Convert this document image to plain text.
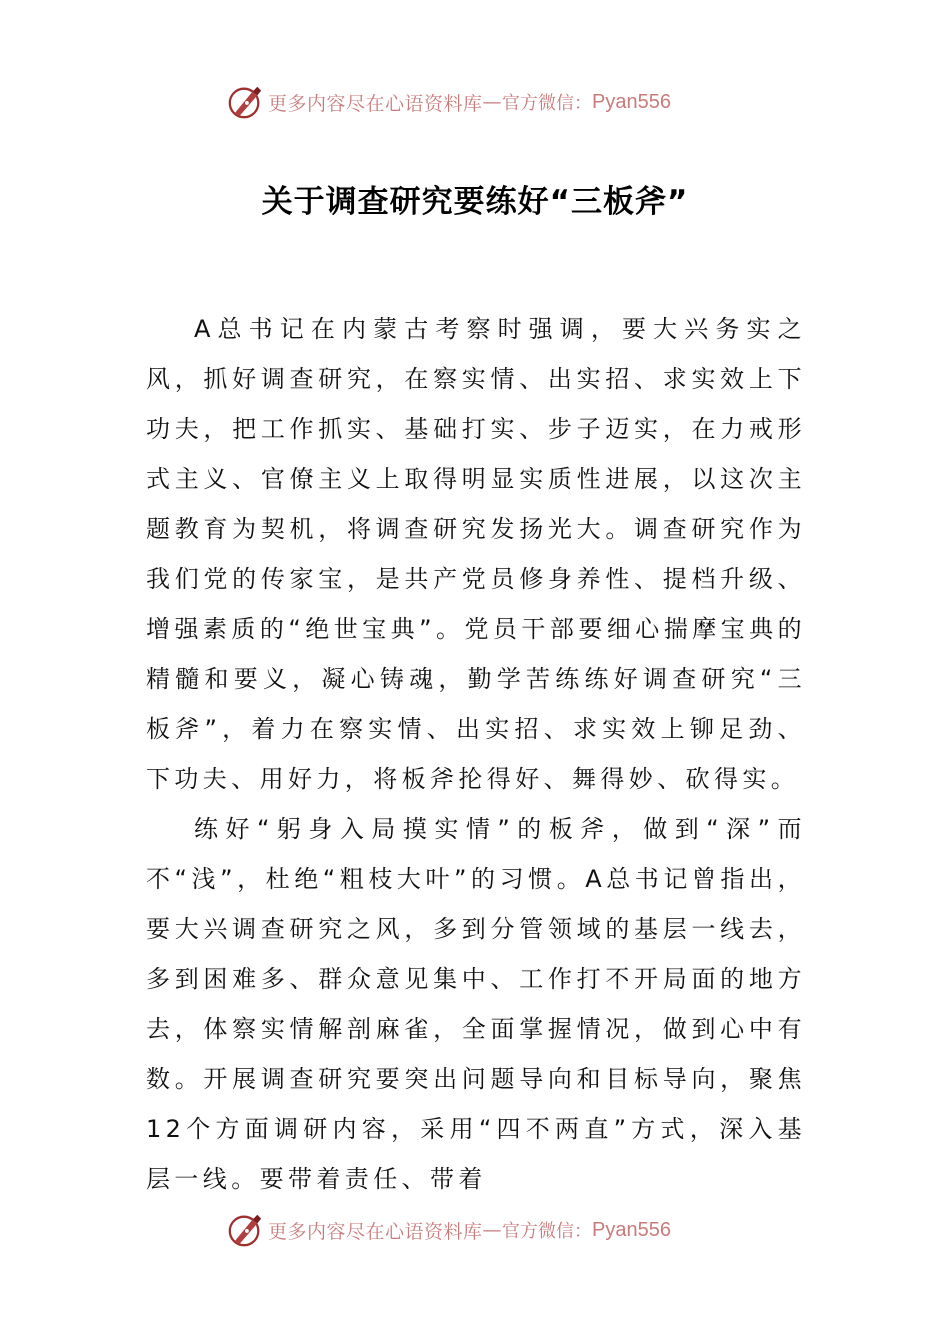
更多内容尽在心语资料库 — 官方微信： Pyan556
关于调查研究要练好“三板斧”

A总书记在内蒙古考察时强调，要大兴务实之风，抓好调查研究，在察实情、出实招、求实效上下功夫，把工作抓实、基础打实、步子迈实，在力戒形式主义、官僚主义上取得明显实质性进展，以这次主题教育为契机，将调查研究发扬光大。调查研究作为我们党的传家宝，是共产党员修身养性、提档升级、增强素质的“绝世宝典”。党员干部要细心揣摩宝典的精髓和要义，凝心铸魂，勤学苦练练好调查研究“三板斧”，着力在察实情、出实招、求实效上铆足劲、下功夫、用好力，将板斧抡得好、舞得妙、砍得实。

练好“躬身入局摸实情”的板斧，做到“深”而不“浅”，杜绝“粗枝大叶”的习惯。A总书记曾指出，要大兴调查研究之风，多到分管领域的基层一线去，多到困难多、群众意见集中、工作打不开局面的地方去，体察实情解剖麻雀，全面掌握情况，做到心中有数。开展调查研究要突出问题导向和目标导向，聚焦12个方面调研内容，采用“四不两直”方式，深入基层一线。要带着责任、带着

更多内容尽在心语资料库 — 官方微信： Pyan556
